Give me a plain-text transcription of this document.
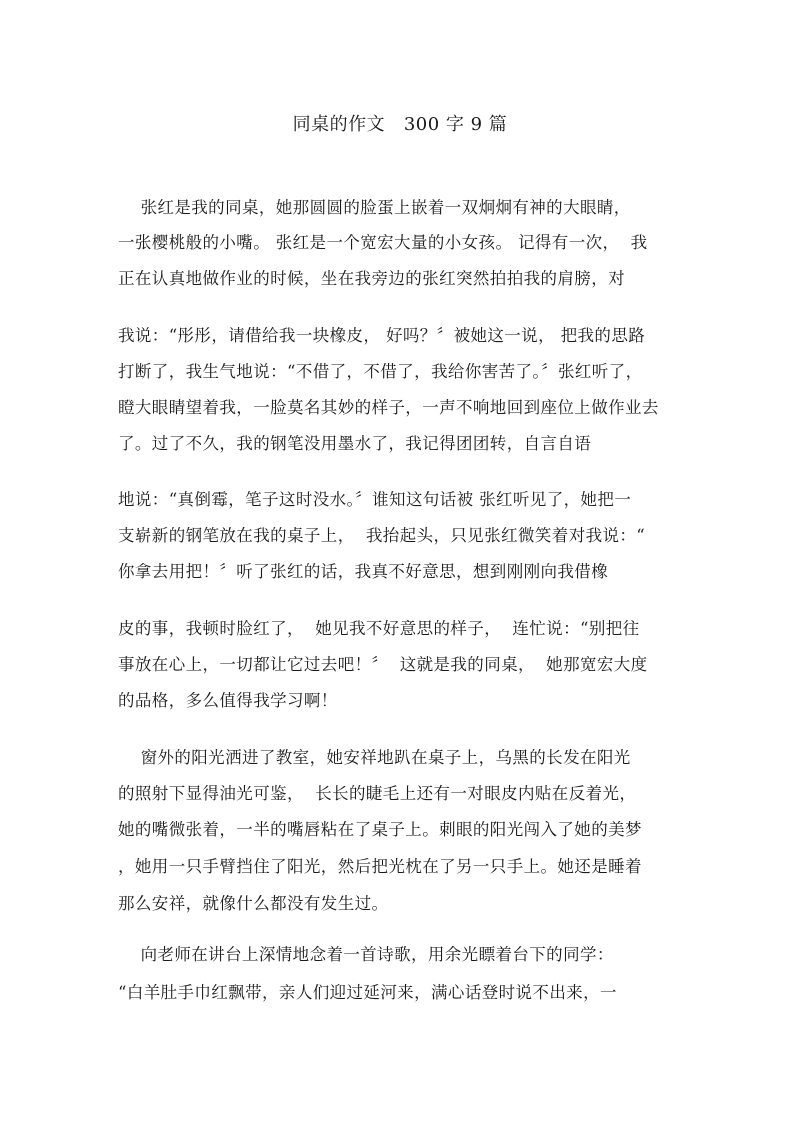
同桌的作文   300 字 9 篇
张红是我的同桌，她那圆圆的脸蛋上嵌着一双炯炯有神的大眼睛，
一张樱桃般的小嘴。 张红是一个宽宏大量的小女孩。 记得有一次，  我
正在认真地做作业的时候，坐在我旁边的张红突然拍拍我的肩膀，对
我说：“彤彤，请借给我一块橡皮， 好吗？〞被她这一说， 把我的思路
打断了，我生气地说：“不借了，不借了，我给你害苦了。〞张红听了，
瞪大眼睛望着我，一脸莫名其妙的样子，一声不响地回到座位上做作业去
了。过了不久，我的钢笔没用墨水了，我记得团团转，自言自语
地说：“真倒霉，笔子这时没水。〞谁知这句话被 张红听见了，她把一
支崭新的钢笔放在我的桌子上，  我抬起头，只见张红微笑着对我说：“
你拿去用把！〞听了张红的话，我真不好意思，想到刚刚向我借橡
皮的事，我顿时脸红了，  她见我不好意思的样子，  连忙说：“别把往
事放在心上，一切都让它过去吧！〞  这就是我的同桌，  她那宽宏大度
的品格，多么值得我学习啊！
窗外的阳光洒进了教室，她安祥地趴在桌子上，乌黑的长发在阳光
的照射下显得油光可鉴，  长长的睫毛上还有一对眼皮内贴在反着光，
她的嘴微张着，一半的嘴唇粘在了桌子上。刺眼的阳光闯入了她的美梦
，她用一只手臂挡住了阳光，然后把光枕在了另一只手上。她还是睡着
那么安祥，就像什么都没有发生过。
向老师在讲台上深情地念着一首诗歌，用余光瞟着台下的同学：
“白羊肚手巾红飘带，亲人们迎过延河来，满心话登时说不出来，一
